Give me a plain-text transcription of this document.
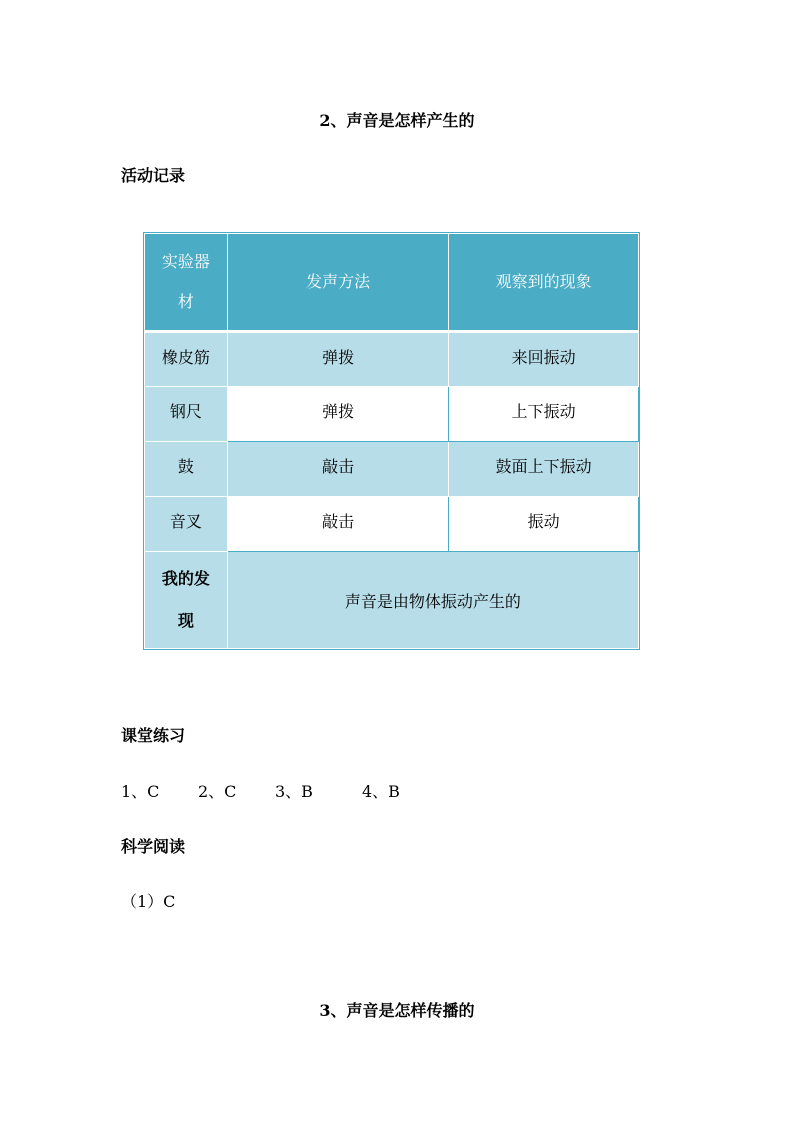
2、声音是怎样产生的
活动记录
实验器材	发声方法	观察到的现象
橡皮筋	弹拨	来回振动
钢尺	弹拨	上下振动
鼓	敲击	鼓面上下振动
音叉	敲击	振动
我的发现	声音是由物体振动产生的	
课堂练习
1、C 2、C 3、B	4、B
科学阅读
（1）C
3、声音是怎样传播的
